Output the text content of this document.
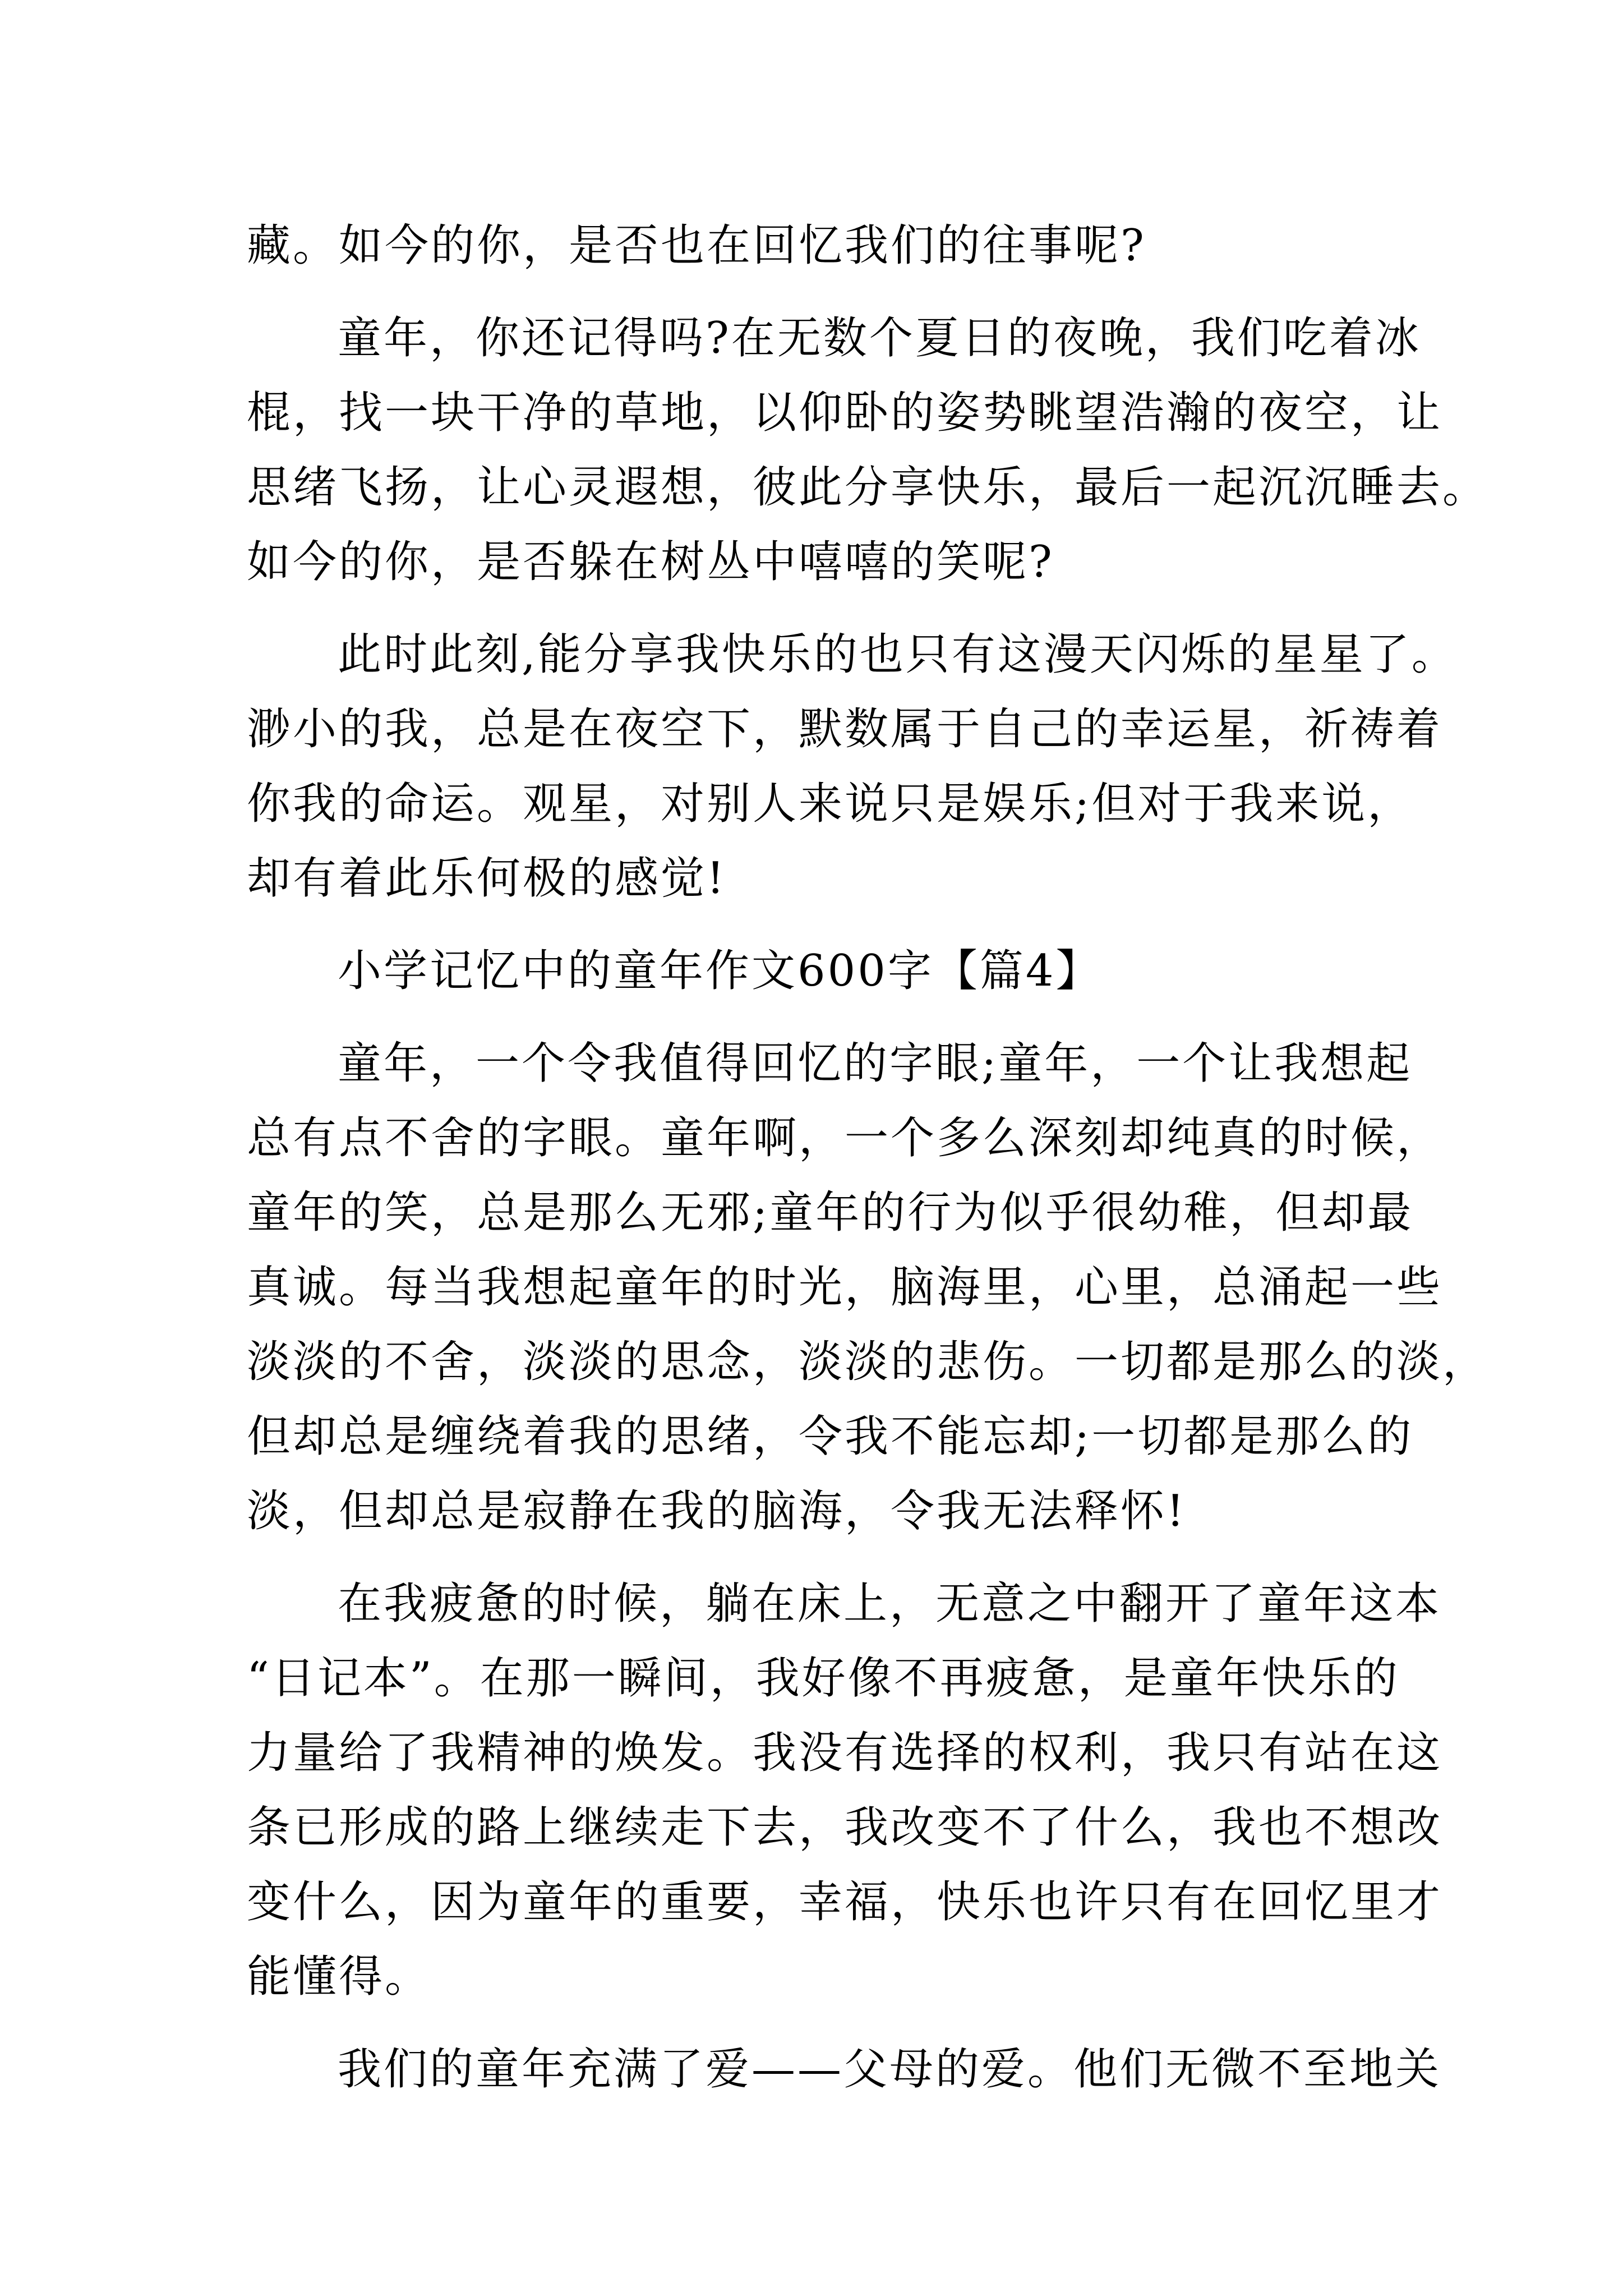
藏。如今的你，是否也在回忆我们的往事呢?
童年，你还记得吗?在无数个夏日的夜晚，我们吃着冰
棍，找一块干净的草地，以仰卧的姿势眺望浩瀚的夜空，让
思绪飞扬，让心灵遐想，彼此分享快乐，最后一起沉沉睡去。
如今的你，是否躲在树丛中嘻嘻的笑呢?
此时此刻,能分享我快乐的也只有这漫天闪烁的星星了。
渺小的我，总是在夜空下，默数属于自己的幸运星，祈祷着
你我的命运。观星，对别人来说只是娱乐;但对于我来说，
却有着此乐何极的感觉!
小学记忆中的童年作文600字【篇4】
童年，一个令我值得回忆的字眼;童年，一个让我想起
总有点不舍的字眼。童年啊，一个多么深刻却纯真的时候，
童年的笑，总是那么无邪;童年的行为似乎很幼稚，但却最
真诚。每当我想起童年的时光，脑海里，心里，总涌起一些
淡淡的不舍，淡淡的思念，淡淡的悲伤。一切都是那么的淡，
但却总是缠绕着我的思绪，令我不能忘却;一切都是那么的
淡，但却总是寂静在我的脑海，令我无法释怀!
在我疲惫的时候，躺在床上，无意之中翻开了童年这本
“日记本”。在那一瞬间，我好像不再疲惫，是童年快乐的
力量给了我精神的焕发。我没有选择的权利，我只有站在这
条已形成的路上继续走下去，我改变不了什么，我也不想改
变什么，因为童年的重要，幸福，快乐也许只有在回忆里才
能懂得。
我们的童年充满了爱——父母的爱。他们无微不至地关
